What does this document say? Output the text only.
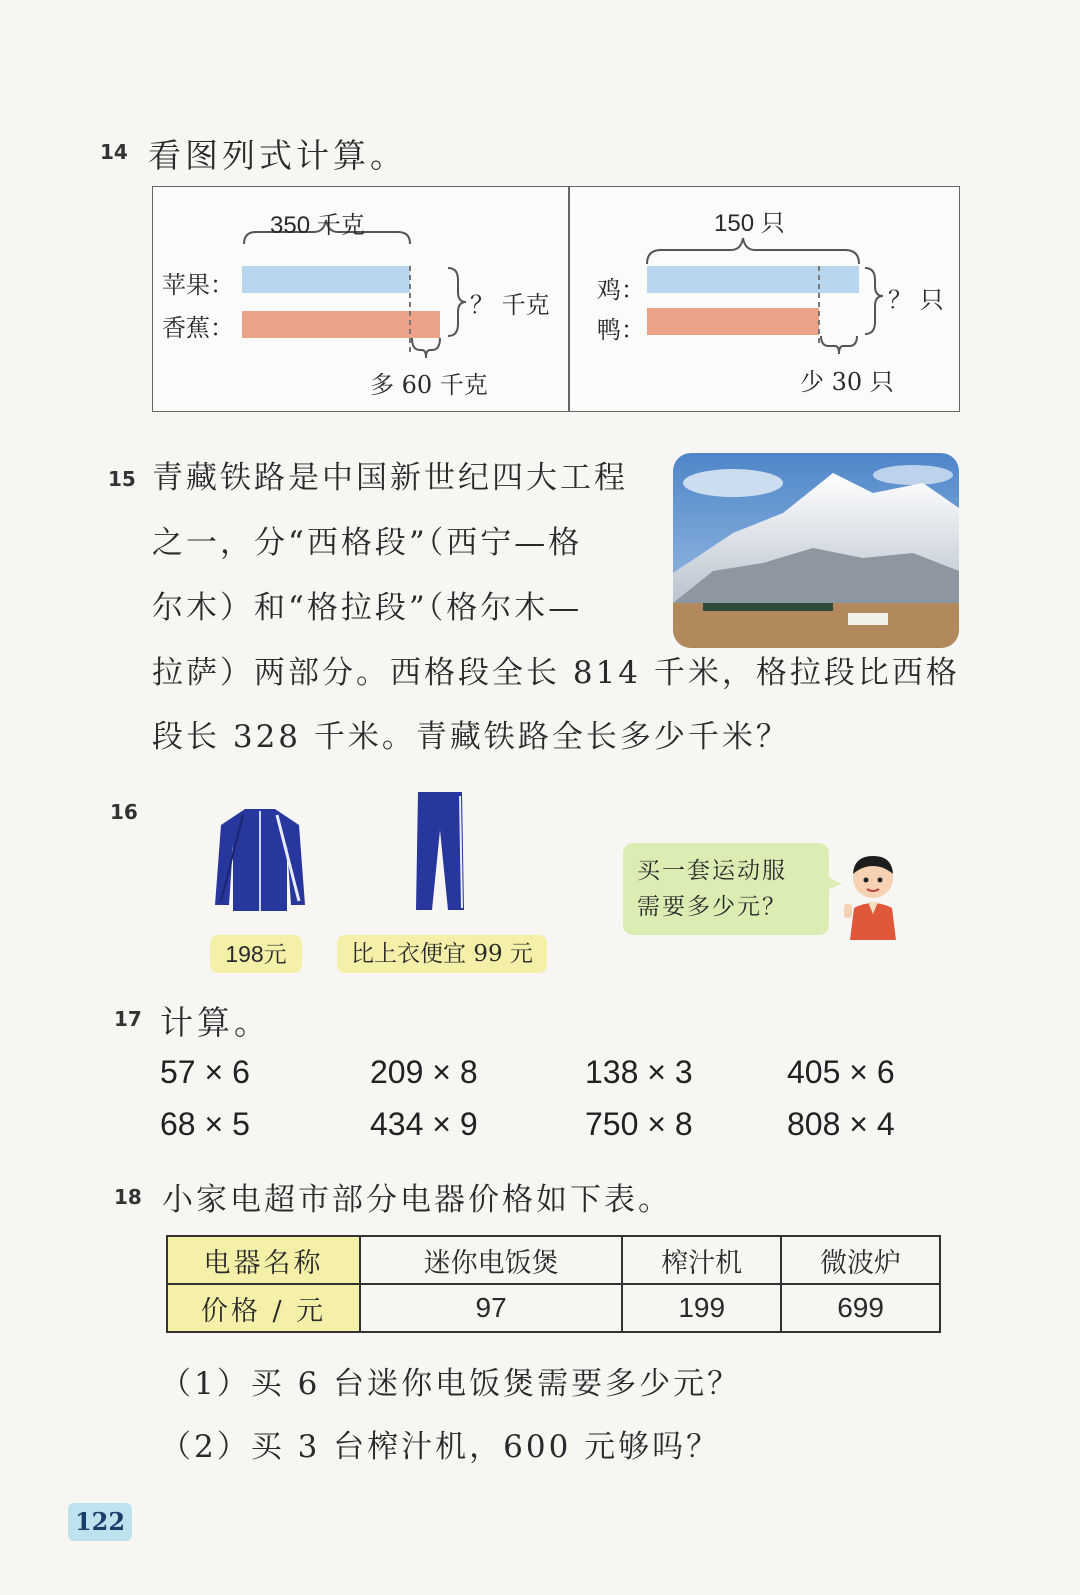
14 看图列式计算。
350 千克
苹果：
香蕉：
？ 千克
多 60 千克
150 只
鸡：
鸭：
？ 只
少 30 只
15 青藏铁路是中国新世纪四大工程
之一，分“西格段”（西宁—格
尔木）和“格拉段”（格尔木—
拉萨）两部分。西格段全长 814 千米，格拉段比西格
段长 328 千米。青藏铁路全长多少千米？
16
198元	比上衣便宜 99 元
买一套运动服
需要多少元？
17 计算。
57 × 6	209 × 8	138 × 3	405 × 6
68 × 5	434 × 9	750 × 8	808 × 4
18 小家电超市部分电器价格如下表。
电器名称	迷你电饭煲	榨汁机	微波炉
价格 / 元	97	199	699
（1）买 6 台迷你电饭煲需要多少元？
（2）买 3 台榨汁机，600 元够吗？
122
